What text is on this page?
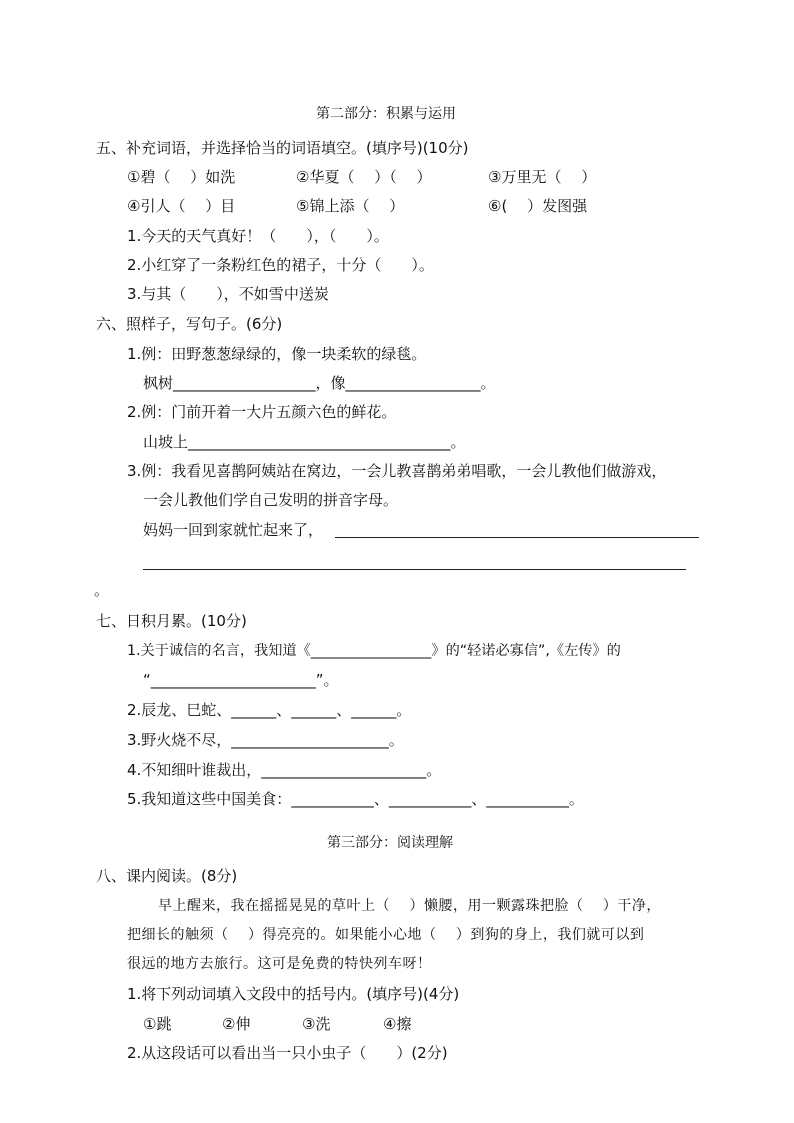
第二部分：积累与运用
五、补充词语，并选择恰当的词语填空。(填序号)(10分)
①碧（　 ）如洗	②华夏（　 ）（　 ）	③万里无（　 ）
④引人（　 ）目	⑤锦上添（　 ）	⑥(　 ）发图强
1.今天的天气真好！（　　），（　　）。
2.小红穿了一条粉红色的裙子，十分（　　）。
3.与其（　　），不如雪中送炭
六、照样子，写句子。(6分)
1.例：田野葱葱绿绿的，像一块柔软的绿毯。
枫树___________________，像__________________。
2.例：门前开着一大片五颜六色的鲜花。
山坡上___________________________________。
3.例：我看见喜鹊阿姨站在窝边，一会儿教喜鹊弟弟唱歌，一会儿教他们做游戏，
一会儿教他们学自己发明的拼音字母。
妈妈一回到家就忙起来了，
。
七、日积月累。(10分)
1.关于诚信的名言，我知道《_________________》的“轻诺必寡信”,《左传》的
“______________________”。
2.辰龙、巳蛇、______、______、______。
3.野火烧不尽，_____________________。
4.不知细叶谁裁出，______________________。
5.我知道这些中国美食：___________、___________、___________。
第三部分：阅读理解
八、课内阅读。(8分)
早上醒来，我在摇摇晃晃的草叶上（　 ）懒腰，用一颗露珠把脸（　 ）干净，
把细长的触须（　 ）得亮亮的。如果能小心地（　 ）到狗的身上，我们就可以到
很远的地方去旅行。这可是免费的特快列车呀！
1.将下列动词填入文段中的括号内。(填序号)(4分)
①跳	②伸	③洗	④擦
2.从这段话可以看出当一只小虫子（　　）(2分)
